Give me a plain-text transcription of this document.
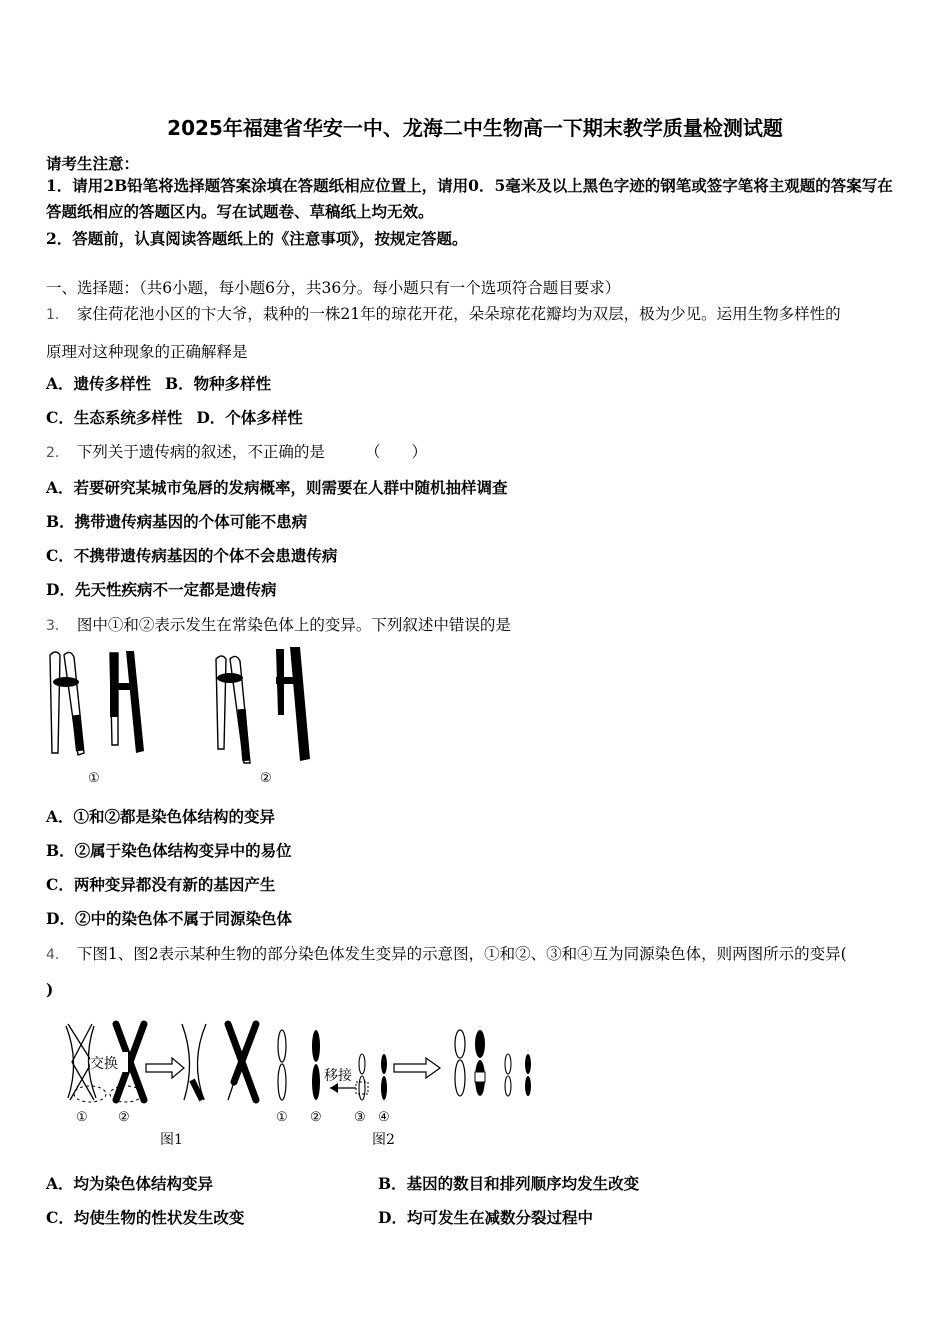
2025年福建省华安一中、龙海二中生物高一下期末教学质量检测试题
请考生注意：
1．请用2B铅笔将选择题答案涂填在答题纸相应位置上，请用0．5毫米及以上黑色字迹的钢笔或签字笔将主观题的答案写在答题纸相应的答题区内。写在试题卷、草稿纸上均无效。
2．答题前，认真阅读答题纸上的《注意事项》，按规定答题。
一、选择题：（共6小题，每小题6分，共36分。每小题只有一个选项符合题目要求）
1． 家住荷花池小区的卞大爷，栽种的一株21年的琼花开花，朵朵琼花花瓣均为双层，极为少见。运用生物多样性的
原理对这种现象的正确解释是
A．遗传多样性 B．物种多样性
C．生态系统多样性 D．个体多样性
2． 下列关于遗传病的叙述，不正确的是	（　　）
A．若要研究某城市兔唇的发病概率，则需要在人群中随机抽样调查
B．携带遗传病基因的个体可能不患病
C．不携带遗传病基因的个体不会患遗传病
D．先天性疾病不一定都是遗传病
3． 图中①和②表示发生在常染色体上的变异。下列叙述中错误的是
①	②
A．①和②都是染色体结构的变异
B．②属于染色体结构变异中的易位
C．两种变异都没有新的基因产生
D．②中的染色体不属于同源染色体
4． 下图1、图2表示某种生物的部分染色体发生变异的示意图，①和②、③和④互为同源染色体，则两图所示的变异(
)
交换
① ②
图1
移接
① ② ③ ④
图2
A．均为染色体结构变异	B．基因的数目和排列顺序均发生改变
C．均使生物的性状发生改变	D．均可发生在减数分裂过程中
